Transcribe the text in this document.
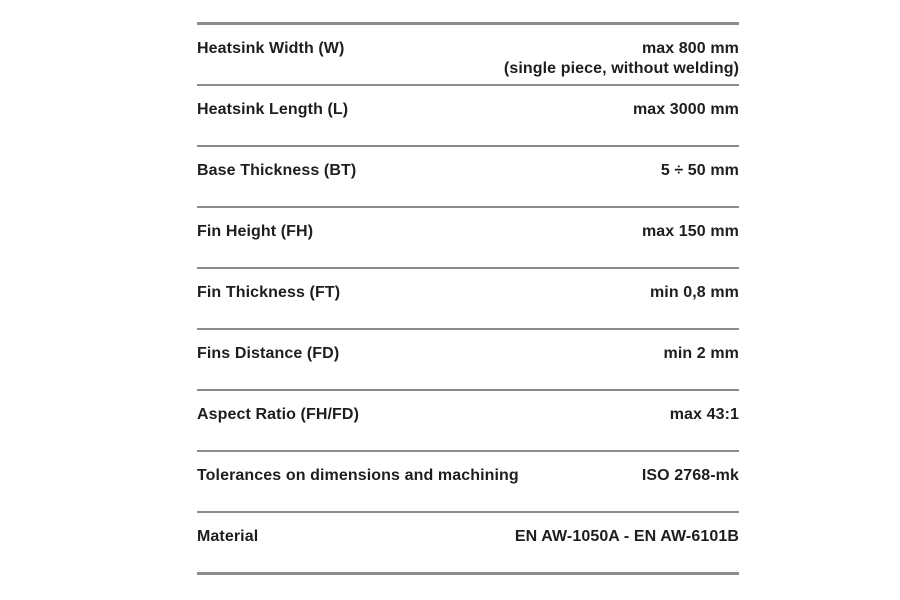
Heatsink Width (W)	max 800 mm
(single piece, without welding)
Heatsink Length (L)	max 3000 mm
Base Thickness (BT)	5 ÷ 50 mm
Fin Height (FH)	max 150 mm
Fin Thickness (FT)	min 0,8 mm
Fins Distance (FD)	min 2 mm
Aspect Ratio (FH/FD)	max 43:1
Tolerances on dimensions and machining	ISO 2768-mk
Material	EN AW-1050A - EN AW-6101B
